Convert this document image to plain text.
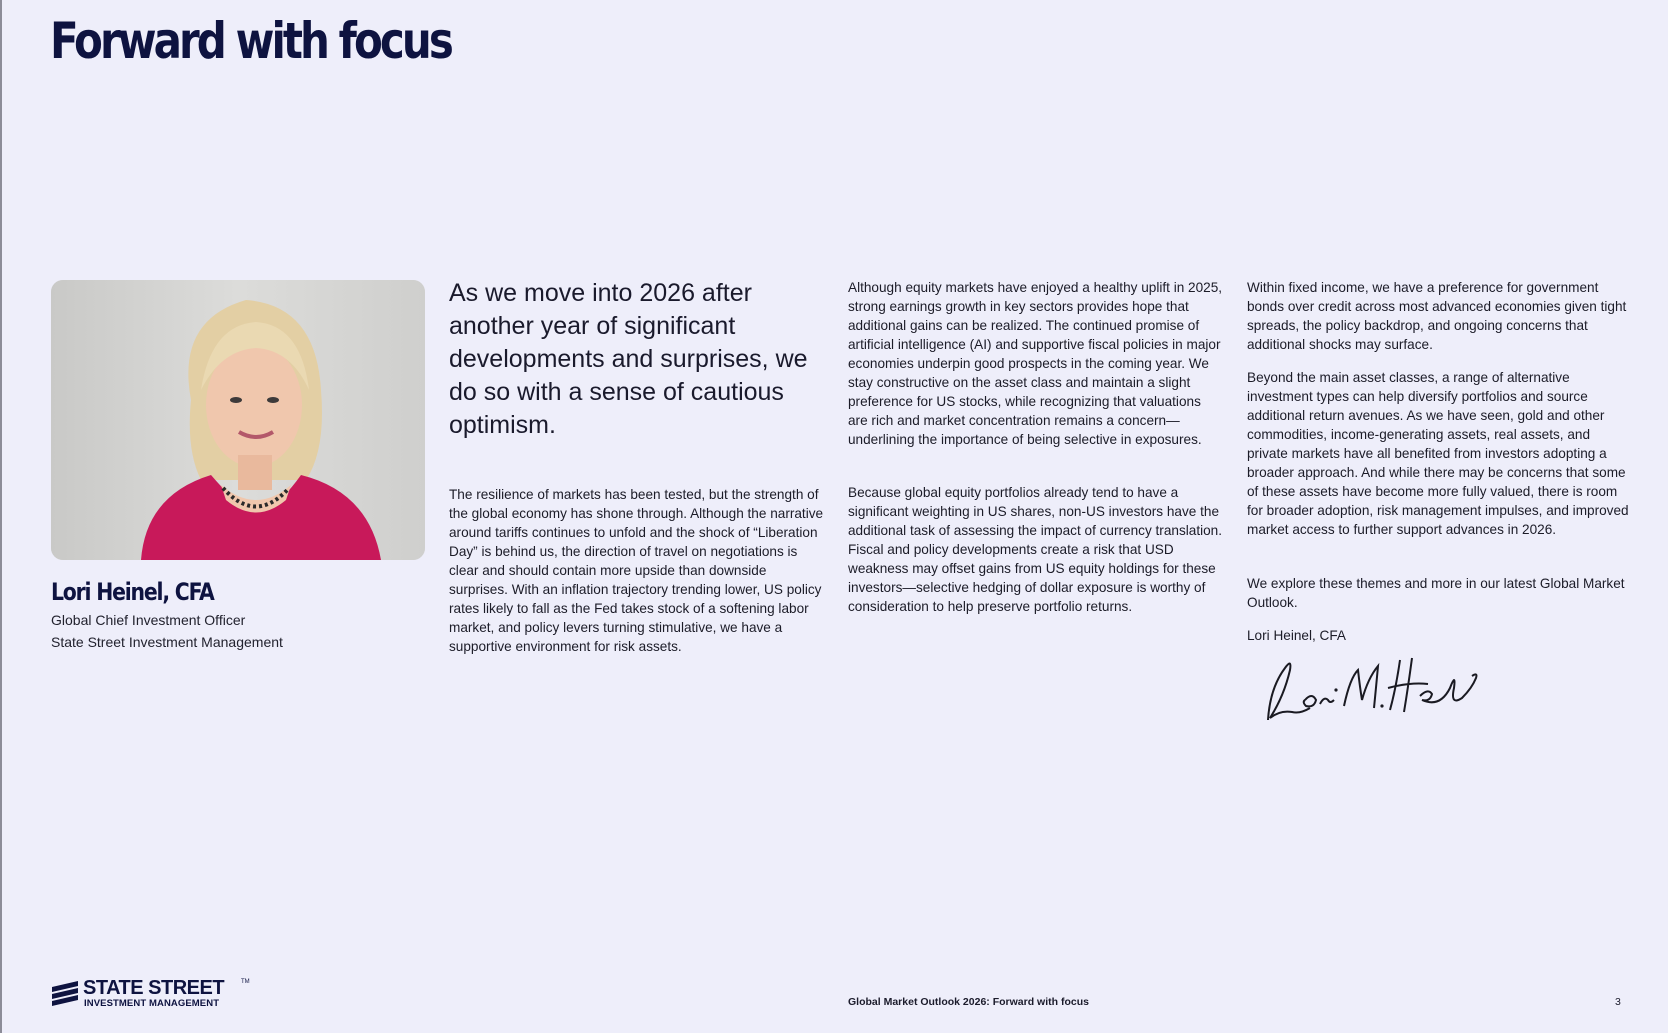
Forward with focus
Lori Heinel, CFA
Global Chief Investment Officer
State Street Investment Management

As we move into 2026 after another year of significant developments and surprises, we do so with a sense of cautious optimism.

The resilience of markets has been tested, but the strength of the global economy has shone through. Although the narrative around tariffs continues to unfold and the shock of “Liberation Day” is behind us, the direction of travel on negotiations is clear and should contain more upside than downside surprises. With an inflation trajectory trending lower, US policy rates likely to fall as the Fed takes stock of a softening labor market, and policy levers turning stimulative, we have a supportive environment for risk assets.

Although equity markets have enjoyed a healthy uplift in 2025, strong earnings growth in key sectors provides hope that additional gains can be realized. The continued promise of artificial intelligence (AI) and supportive fiscal policies in major economies underpin good prospects in the coming year. We stay constructive on the asset class and maintain a slight preference for US stocks, while recognizing that valuations are rich and market concentration remains a concern—underlining the importance of being selective in exposures.

Because global equity portfolios already tend to have a significant weighting in US shares, non-US investors have the additional task of assessing the impact of currency translation. Fiscal and policy developments create a risk that USD weakness may offset gains from US equity holdings for these investors—selective hedging of dollar exposure is worthy of consideration to help preserve portfolio returns.

Within fixed income, we have a preference for government bonds over credit across most advanced economies given tight spreads, the policy backdrop, and ongoing concerns that additional shocks may surface.

Beyond the main asset classes, a range of alternative investment types can help diversify portfolios and source additional return avenues. As we have seen, gold and other commodities, income-generating assets, real assets, and private markets have all benefited from investors adopting a broader approach. And while there may be concerns that some of these assets have become more fully valued, there is room for broader adoption, risk management impulses, and improved market access to further support advances in 2026.

We explore these themes and more in our latest Global Market Outlook.

Lori Heinel, CFA

STATE STREET	TM
INVESTMENT MANAGEMENT	Global Market Outlook 2026: Forward with focus	3
